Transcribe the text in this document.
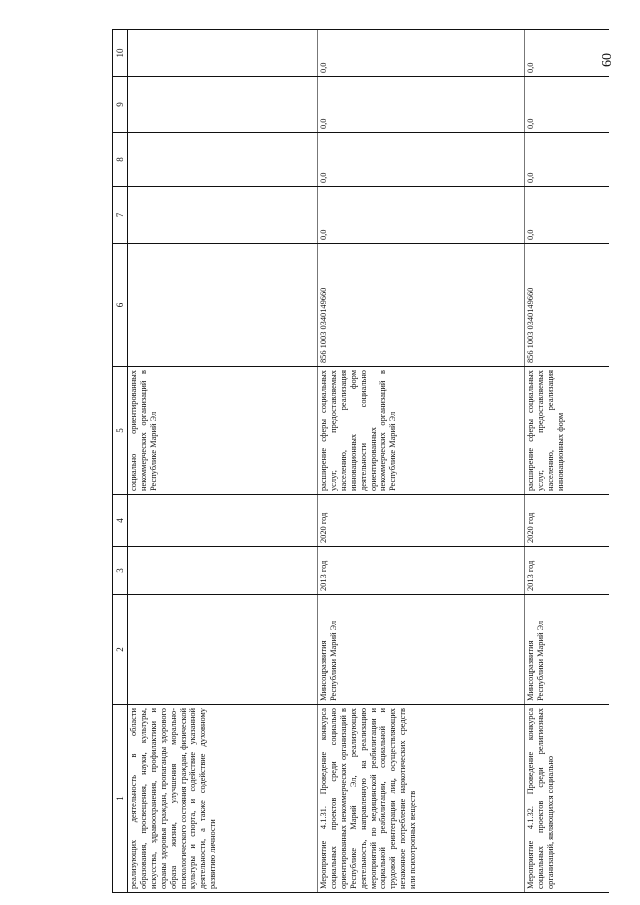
60
1	2	3	4	5	6	7	8	9	10
реализующих деятельность в области образования, просвещения, науки, культуры, искусства, здравоохранения, профилактики и охраны здоровья граждан, пропаганды здорового образа жизни, улучшения морально-психологического состояния граждан, физической культуры и спорта, и содействие указанной деятельности, а также содействие духовному развитию личности				социально ориентированных некоммерческих организаций в Республике Марий Эл					
Мероприятие 4.1.31. Проведение конкурса социальных проектов среди социально ориентированных некоммерческих организаций в Республике Марий Эл, реализующих деятельность, направленную на реализацию мероприятий по медицинской реабилитации и социальной реабилитации, социальной и трудовой реинтеграции лиц, осуществляющих незаконное потребление наркотических средств или психотропных веществ	Минсоцразвития Республики Марий Эл	2013 год	2020 год	расширение сферы социальных услуг, предоставляемых населению, реализация инновационных форм деятельности социально ориентированных некоммерческих организаций в Республике Марий Эл	856 1003 0340149660	0,0	0,0	0,0	0,0
Мероприятие 4.1.32. Проведение конкурса социальных проектов среди религиозных организаций, являющихся социально	Минсоцразвития Республики Марий Эл	2013 год	2020 год	расширение сферы социальных услуг, предоставляемых населению, реализация инновационных форм	856 1003 0340149660	0,0	0,0	0,0	0,0
